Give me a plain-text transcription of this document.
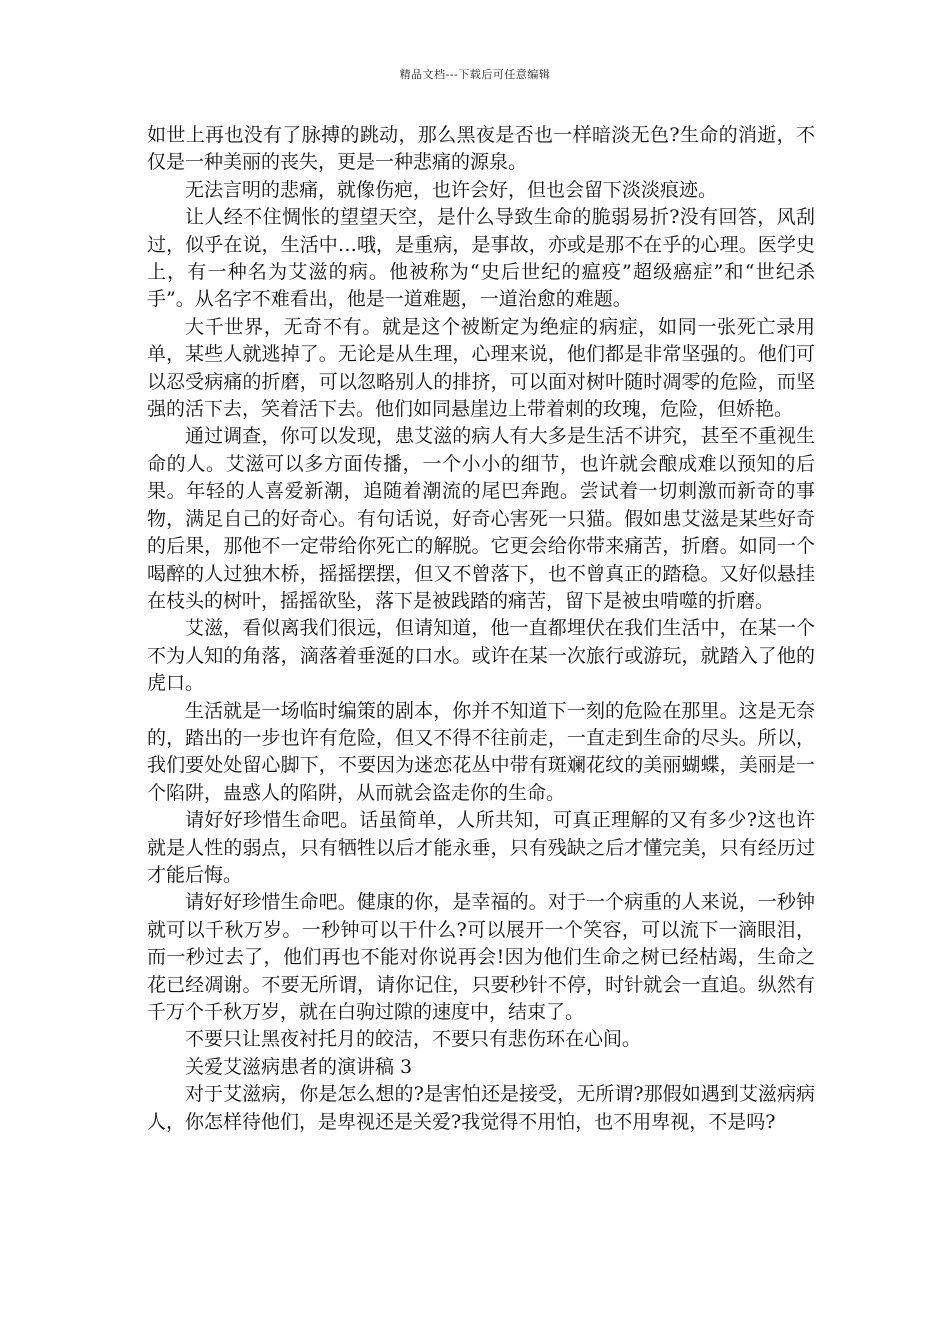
精品文档---下载后可任意编辑

如世上再也没有了脉搏的跳动，那么黑夜是否也一样暗淡无色?生命的消逝，不仅是一种美丽的丧失，更是一种悲痛的源泉。

无法言明的悲痛，就像伤疤，也许会好，但也会留下淡淡痕迹。

让人经不住惆怅的望望天空，是什么导致生命的脆弱易折?没有回答，风刮过，似乎在说，生活中…哦，是重病，是事故，亦或是那不在乎的心理。医学史上，有一种名为艾滋的病。他被称为“史后世纪的瘟疫”超级癌症”和“世纪杀手”。从名字不难看出，他是一道难题，一道治愈的难题。

大千世界，无奇不有。就是这个被断定为绝症的病症，如同一张死亡录用单，某些人就逃掉了。无论是从生理，心理来说，他们都是非常坚强的。他们可以忍受病痛的折磨，可以忽略别人的排挤，可以面对树叶随时凋零的危险，而坚强的活下去，笑着活下去。他们如同悬崖边上带着刺的玫瑰，危险，但娇艳。

通过调查，你可以发现，患艾滋的病人有大多是生活不讲究，甚至不重视生命的人。艾滋可以多方面传播，一个小小的细节，也许就会酿成难以预知的后果。年轻的人喜爱新潮，追随着潮流的尾巴奔跑。尝试着一切刺激而新奇的事物，满足自己的好奇心。有句话说，好奇心害死一只猫。假如患艾滋是某些好奇的后果，那他不一定带给你死亡的解脱。它更会给你带来痛苦，折磨。如同一个喝醉的人过独木桥，摇摇摆摆，但又不曾落下，也不曾真正的踏稳。又好似悬挂在枝头的树叶，摇摇欲坠，落下是被践踏的痛苦，留下是被虫啃噬的折磨。

艾滋，看似离我们很远，但请知道，他一直都埋伏在我们生活中，在某一个不为人知的角落，滴落着垂涎的口水。或许在某一次旅行或游玩，就踏入了他的虎口。

生活就是一场临时编策的剧本，你并不知道下一刻的危险在那里。这是无奈的，踏出的一步也许有危险，但又不得不往前走，一直走到生命的尽头。所以，我们要处处留心脚下，不要因为迷恋花丛中带有斑斓花纹的美丽蝴蝶，美丽是一个陷阱，蛊惑人的陷阱，从而就会盗走你的生命。

请好好珍惜生命吧。话虽简单，人所共知，可真正理解的又有多少?这也许就是人性的弱点，只有牺牲以后才能永垂，只有残缺之后才懂完美，只有经历过才能后悔。

请好好珍惜生命吧。健康的你，是幸福的。对于一个病重的人来说，一秒钟就可以千秋万岁。一秒钟可以干什么?可以展开一个笑容，可以流下一滴眼泪，而一秒过去了，他们再也不能对你说再会!因为他们生命之树已经枯竭，生命之花已经凋谢。不要无所谓，请你记住，只要秒针不停，时针就会一直追。纵然有千万个千秋万岁，就在白驹过隙的速度中，结束了。

不要只让黑夜衬托月的皎洁，不要只有悲伤环在心间。

关爱艾滋病患者的演讲稿 3

对于艾滋病，你是怎么想的?是害怕还是接受，无所谓?那假如遇到艾滋病病人，你怎样待他们，是卑视还是关爱?我觉得不用怕，也不用卑视，不是吗?
